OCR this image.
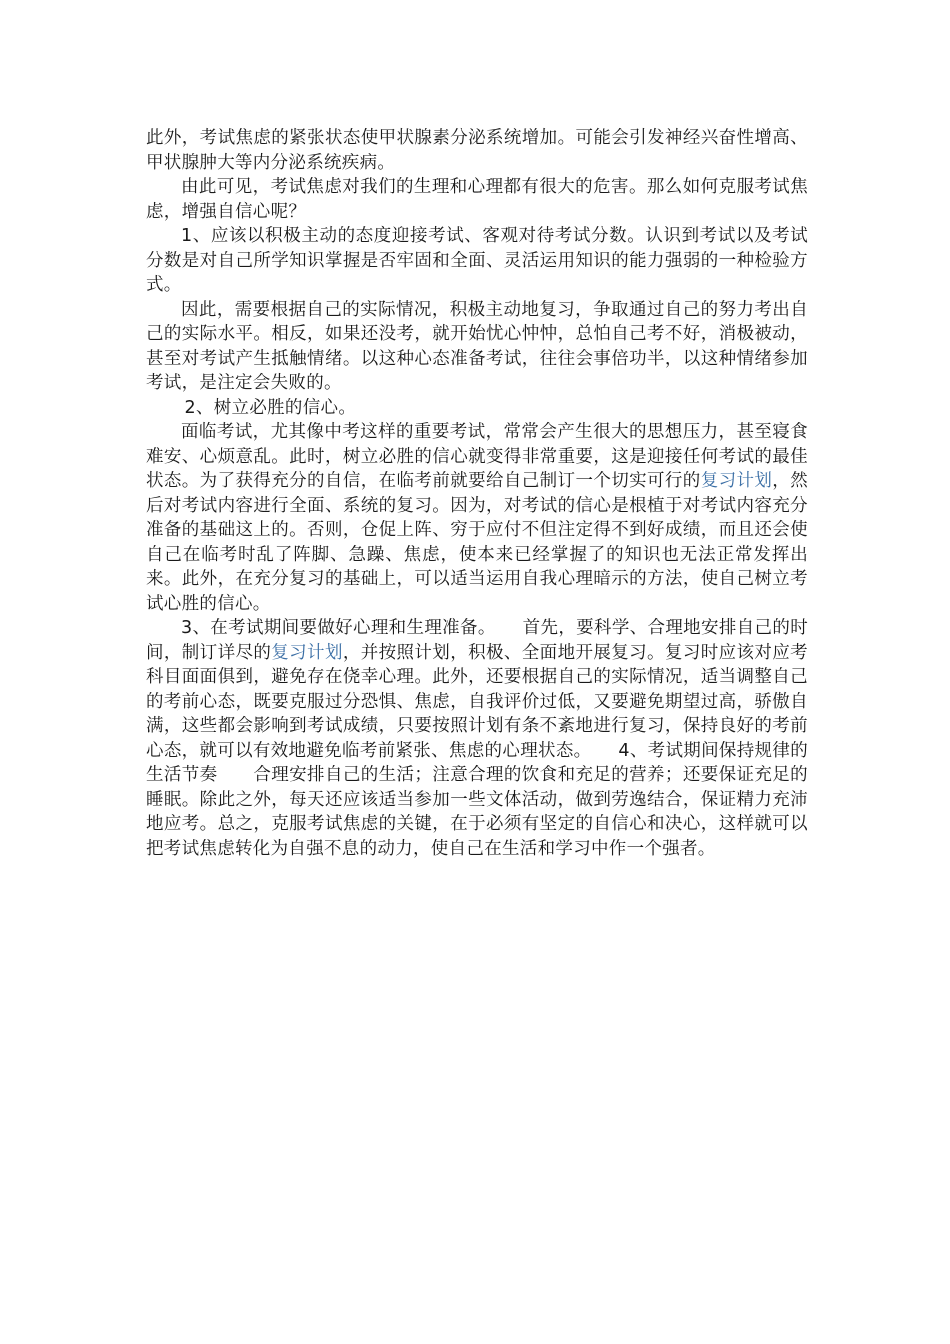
此外，考试焦虑的紧张状态使甲状腺素分泌系统增加。可能会引发神经兴奋性增高、甲状腺肿大等内分泌系统疾病。

由此可见，考试焦虑对我们的生理和心理都有很大的危害。那么如何克服考试焦虑，增强自信心呢？

1、应该以积极主动的态度迎接考试、客观对待考试分数。认识到考试以及考试分数是对自己所学知识掌握是否牢固和全面、灵活运用知识的能力强弱的一种检验方式。

因此，需要根据自己的实际情况，积极主动地复习，争取通过自己的努力考出自己的实际水平。相反，如果还没考，就开始忧心忡忡，总怕自己考不好，消极被动，甚至对考试产生抵触情绪。以这种心态准备考试，往往会事倍功半，以这种情绪参加考试，是注定会失败的。

2、树立必胜的信心。

面临考试，尤其像中考这样的重要考试，常常会产生很大的思想压力，甚至寝食难安、心烦意乱。此时，树立必胜的信心就变得非常重要，这是迎接任何考试的最佳状态。为了获得充分的自信，在临考前就要给自己制订一个切实可行的复习计划，然后对考试内容进行全面、系统的复习。因为，对考试的信心是根植于对考试内容充分准备的基础这上的。否则，仓促上阵、穷于应付不但注定得不到好成绩，而且还会使自己在临考时乱了阵脚、急躁、焦虑，使本来已经掌握了的知识也无法正常发挥出来。此外，在充分复习的基础上，可以适当运用自我心理暗示的方法，使自己树立考试心胜的信心。

3、在考试期间要做好心理和生理准备。　　 首先，要科学、合理地安排自己的时间，制订详尽的复习计划，并按照计划，积极、全面地开展复习。复习时应该对应考科目面面俱到，避免存在侥幸心理。此外，还要根据自己的实际情况，适当调整自己的考前心态，既要克服过分恐惧、焦虑，自我评价过低，又要避免期望过高，骄傲自满，这些都会影响到考试成绩，只要按照计划有条不紊地进行复习，保持良好的考前心态，就可以有效地避免临考前紧张、焦虑的心理状态。　　 4、考试期间保持规律的生活节奏　　 合理安排自己的生活；注意合理的饮食和充足的营养；还要保证充足的睡眠。除此之外，每天还应该适当参加一些文体活动，做到劳逸结合，保证精力充沛地应考。总之，克服考试焦虑的关键，在于必须有坚定的自信心和决心，这样就可以把考试焦虑转化为自强不息的动力，使自己在生活和学习中作一个强者。
